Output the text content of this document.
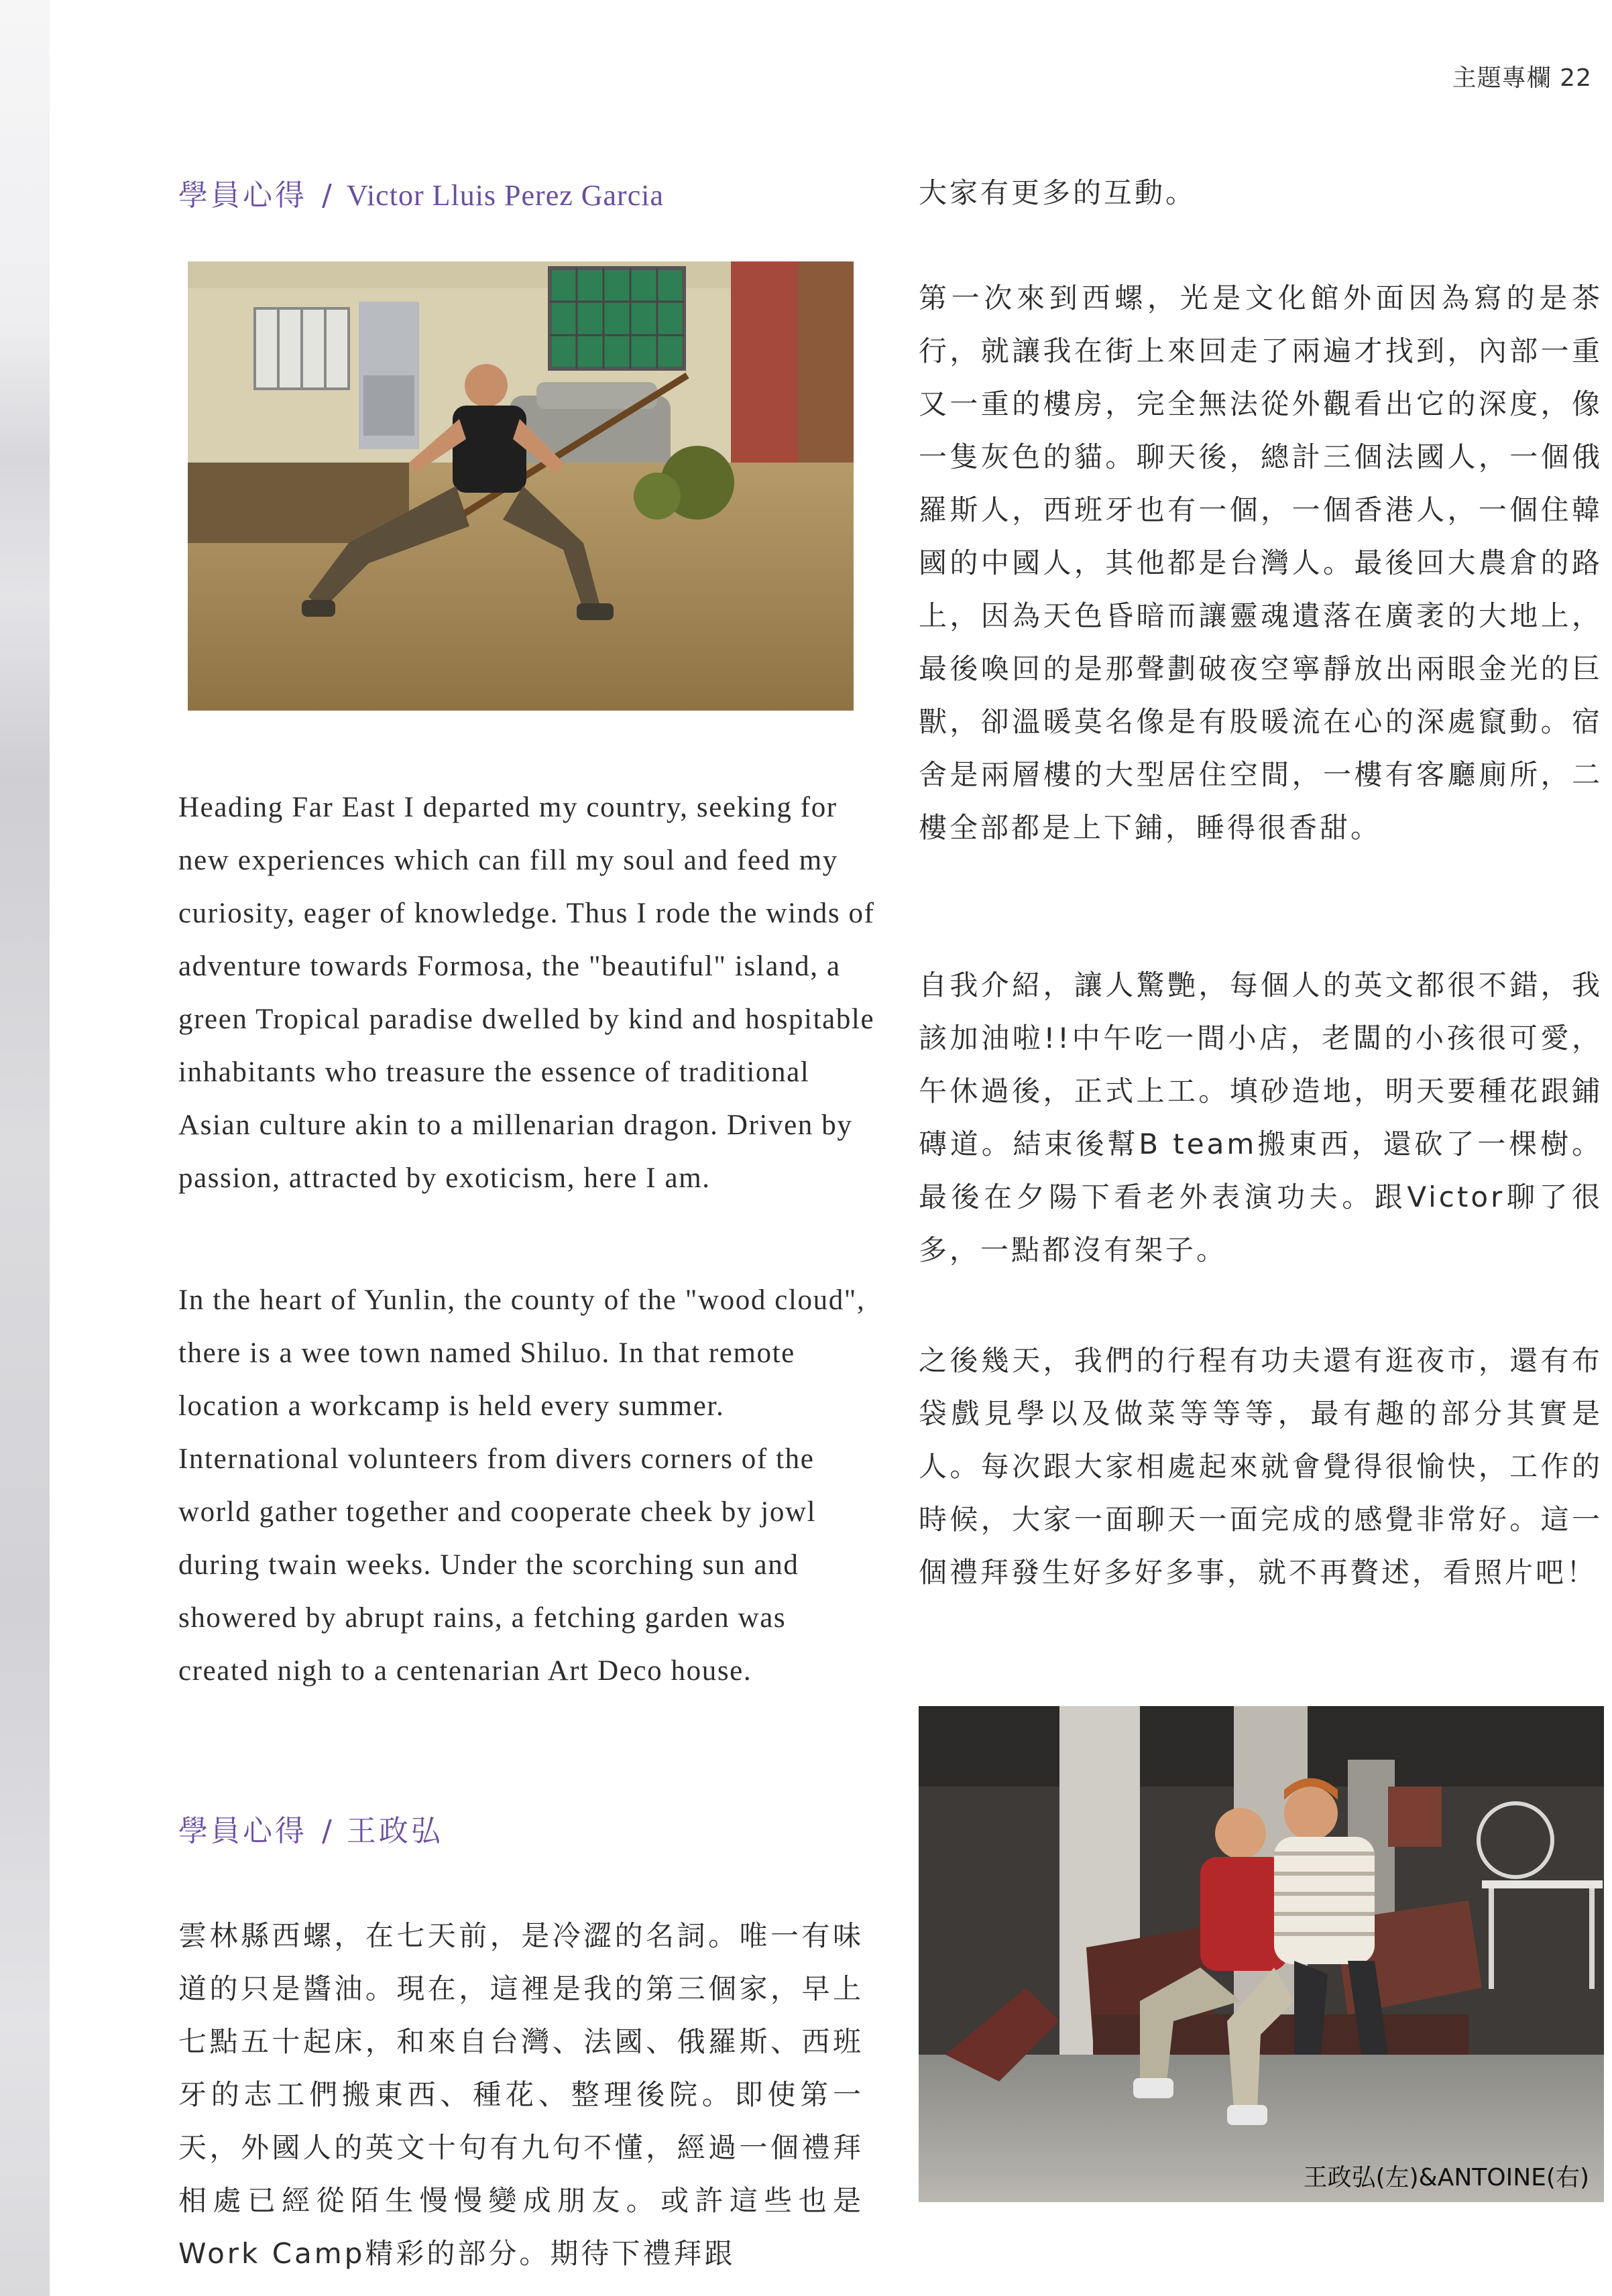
主題專欄 22
學員心得 / Victor Lluis Perez Garcia

Heading Far East I departed my country, seeking for new experiences which can fill my soul and feed my curiosity, eager of knowledge. Thus I rode the winds of adventure towards Formosa, the "beautiful" island, a green Tropical paradise dwelled by kind and hospitable inhabitants who treasure the essence of traditional Asian culture akin to a millenarian dragon. Driven by passion, attracted by exoticism, here I am.

In the heart of Yunlin, the county of the "wood cloud", there is a wee town named Shiluo. In that remote location a workcamp is held every summer. International volunteers from divers corners of the world gather together and cooperate cheek by jowl during twain weeks. Under the scorching sun and showered by abrupt rains, a fetching garden was created nigh to a centenarian Art Deco house.

學員心得 / 王政弘

雲林縣西螺，在七天前，是冷澀的名詞。唯一有味道的只是醬油。現在，這裡是我的第三個家，早上七點五十起床，和來自台灣、法國、俄羅斯、西班牙的志工們搬東西、種花、整理後院。即使第一天，外國人的英文十句有九句不懂，經過一個禮拜相處已經從陌生慢慢變成朋友。或許這些也是Work Camp精彩的部分。期待下禮拜跟

大家有更多的互動。

第一次來到西螺，光是文化館外面因為寫的是茶行，就讓我在街上來回走了兩遍才找到，內部一重又一重的樓房，完全無法從外觀看出它的深度，像一隻灰色的貓。聊天後，總計三個法國人，一個俄羅斯人，西班牙也有一個，一個香港人，一個住韓國的中國人，其他都是台灣人。最後回大農倉的路上，因為天色昏暗而讓靈魂遺落在廣袤的大地上，最後喚回的是那聲劃破夜空寧靜放出兩眼金光的巨獸，卻溫暖莫名像是有股暖流在心的深處竄動。宿舍是兩層樓的大型居住空間，一樓有客廳廁所，二樓全部都是上下鋪，睡得很香甜。

自我介紹，讓人驚艷，每個人的英文都很不錯，我該加油啦!!中午吃一間小店，老闆的小孩很可愛，午休過後，正式上工。填砂造地，明天要種花跟鋪磚道。結束後幫B team搬東西，還砍了一棵樹。最後在夕陽下看老外表演功夫。跟Victor聊了很多，一點都沒有架子。

之後幾天，我們的行程有功夫還有逛夜市，還有布袋戲見學以及做菜等等等，最有趣的部分其實是人。每次跟大家相處起來就會覺得很愉快，工作的時候，大家一面聊天一面完成的感覺非常好。這一個禮拜發生好多好多事，就不再贅述，看照片吧！

王政弘(左)&ANTOINE(右)
